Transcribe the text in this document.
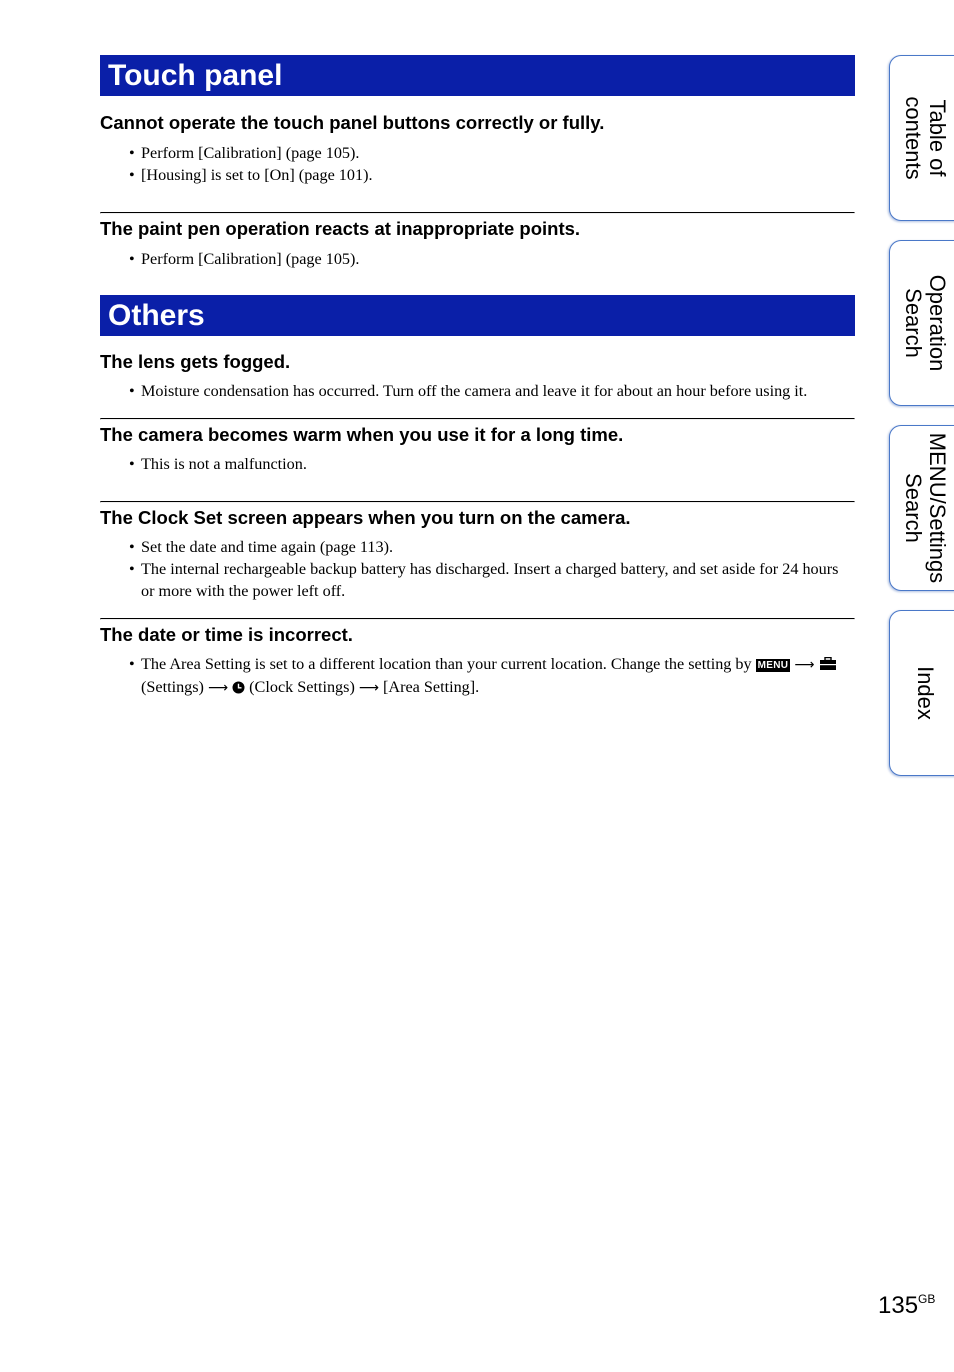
Touch panel

Cannot operate the touch panel buttons correctly or fully.

• Perform [Calibration] (page 105).
• [Housing] is set to [On] (page 101).

The paint pen operation reacts at inappropriate points.

• Perform [Calibration] (page 105).
Others

The lens gets fogged.

• Moisture condensation has occurred. Turn off the camera and leave it for about an hour before using it.

The camera becomes warm when you use it for a long time.

• This is not a malfunction.

The Clock Set screen appears when you turn on the camera.

• Set the date and time again (page 113).
• The internal rechargeable backup battery has discharged. Insert a charged battery, and set aside for 24 hours or more with the power left off.

The date or time is incorrect.

• The Area Setting is set to a different location than your current location. Change the setting by MENU ⟶  (Settings) ⟶ (Clock Settings) ⟶ [Area Setting].
Table of
contents
Operation
Search
MENU/Settings
Search
Index
$135^{GB}$
